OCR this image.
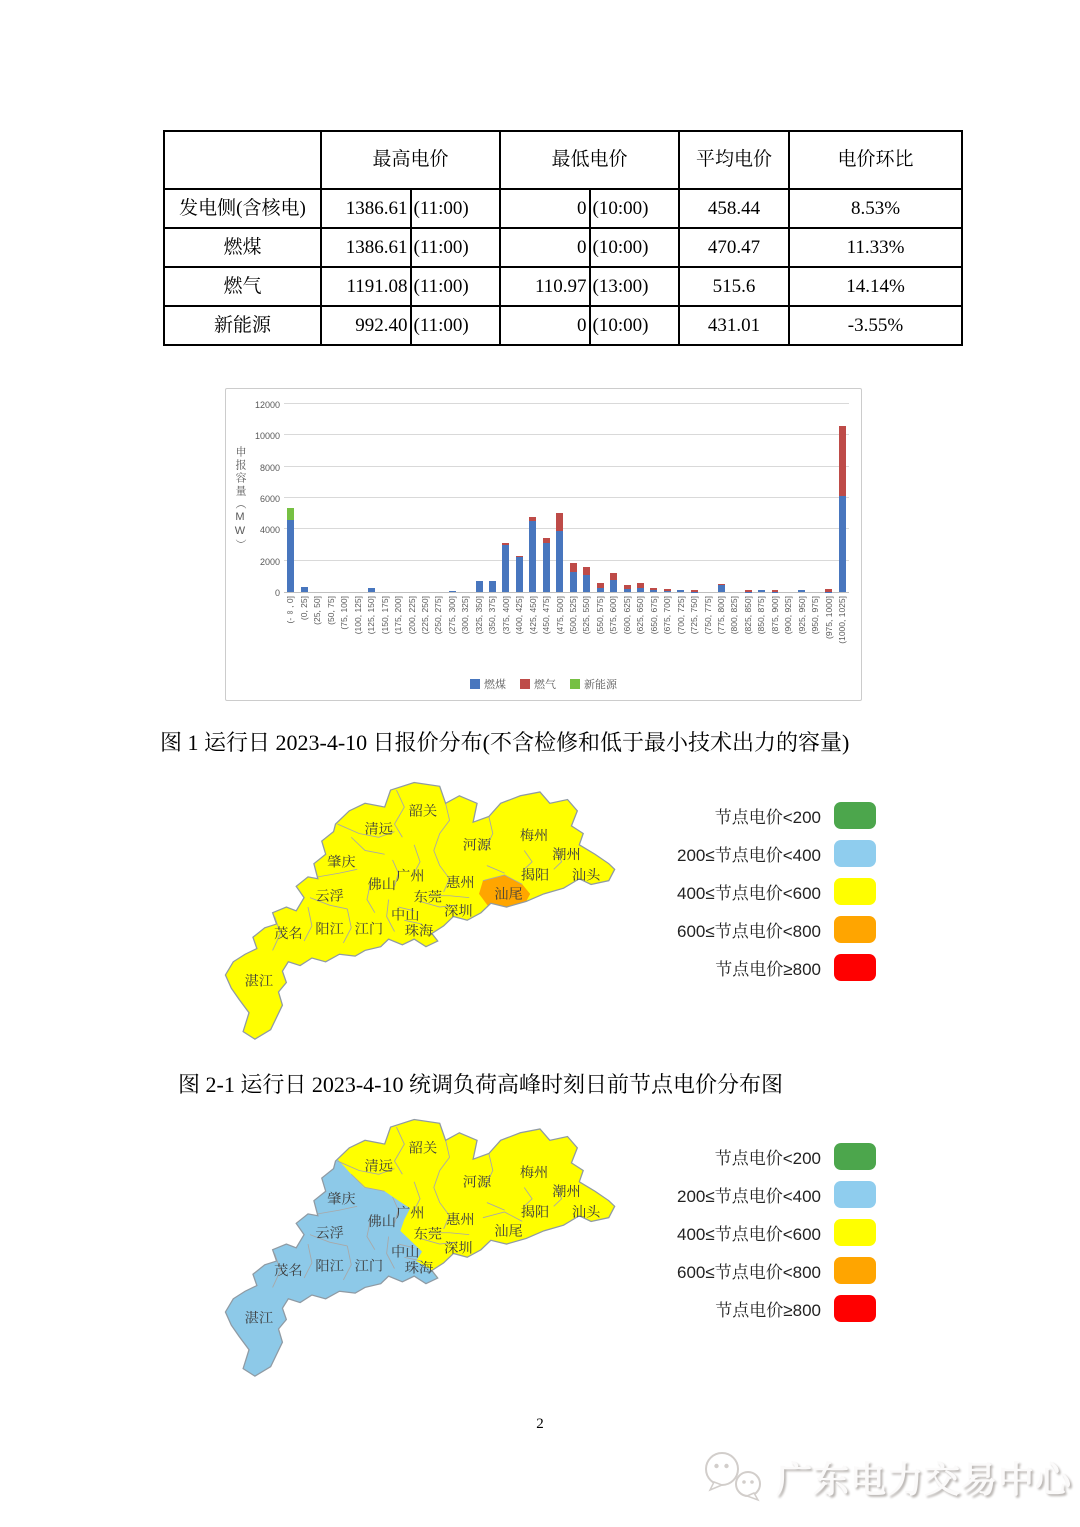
	最高电价		最低电价		平均电价	电价环比
发电侧(含核电)	1386.61	(11:00)	0	(10:00)	458.44	8.53%
燃煤	1386.61	(11:00)	0	(10:00)	470.47	11.33%
燃气	1191.08	(11:00)	110.97	(13:00)	515.6	14.14%
新能源	992.40	(11:00)	0	(10:00)	431.01	-3.55%
申报容量（MW）
(-∞, 0] (0, 25] (25, 50] (50, 75] (75, 100] (100, 125] (125, 150] (150, 175] (175, 200] (200, 225] (225, 250] (250, 275] (275, 300] (300, 325] (325, 350] (350, 375] (375, 400] (400, 425] (425, 450] (450, 475] (475, 500] (500, 525] (525, 550] (550, 575] (575, 600] (600, 625] (625, 650] (650, 675] (675, 700] (700, 725] (725, 750] (750, 775] (775, 800] (800, 825] (825, 850] (850, 875] (875, 900] (900, 925] (925, 950] (950, 975] (975, 1000] (1000, 1025]
燃煤	燃气	新能源
0
2000
4000
6000
8000
10000
12000
图 1 运行日 2023-4-10 日报价分布(不含检修和低于最小技术出力的容量)
图 2-1 运行日 2023-4-10 统调负荷高峰时刻日前节点电价分布图
韶关
清远
河源
梅州
潮州
汕头
揭阳
汕尾
惠州
深圳
东莞
广州
佛山
中山
珠海
江门
阳江
茂名
云浮
肇庆
湛江
韶关
清远
河源
梅州
潮州
汕头
揭阳
汕尾
惠州
深圳
东莞
广州
佛山
中山
珠海
江门
阳江
茂名
云浮
肇庆
湛江
节点电价<200
200≤节点电价<400
400≤节点电价<600
600≤节点电价<800
节点电价≥800
节点电价<200
200≤节点电价<400
400≤节点电价<600
600≤节点电价<800
节点电价≥800
2
广东电力交易中心
